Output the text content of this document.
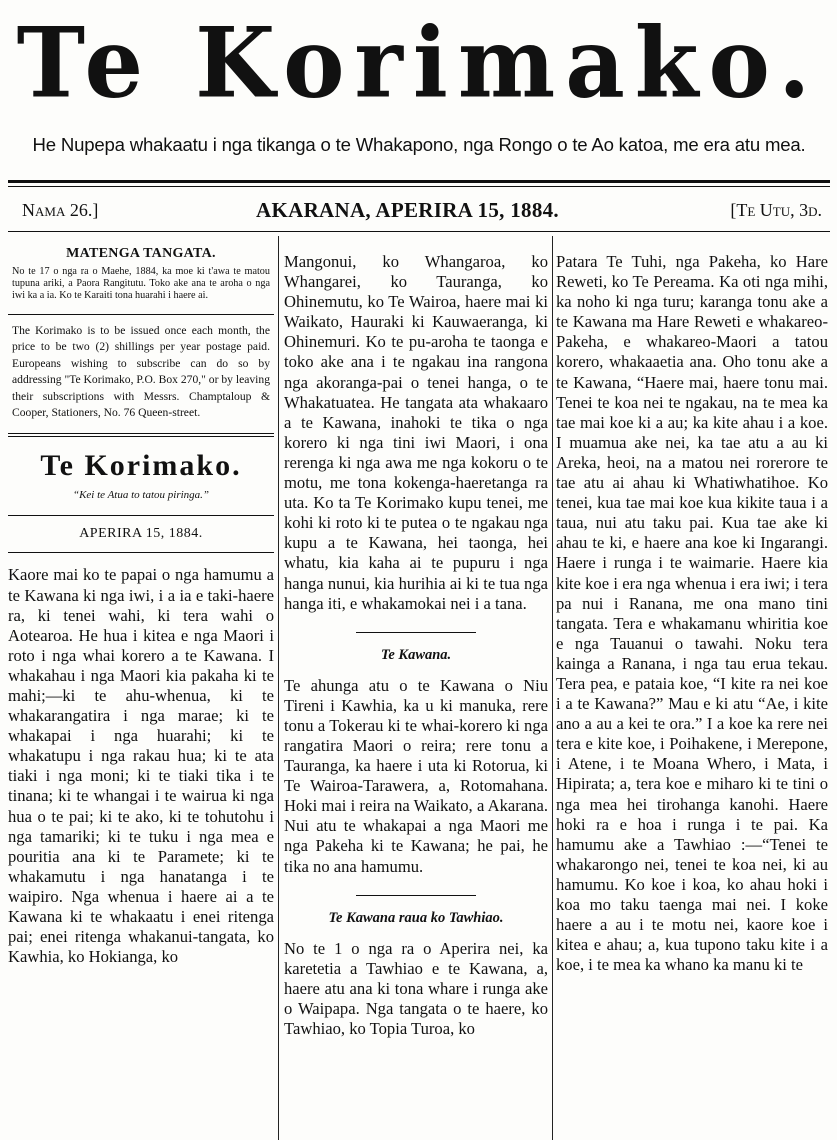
Te Korimako.
He Nupepa whakaatu i nga tikanga o te Whakapono, nga Rongo o te Ao katoa, me era atu mea.
Nama 26.]	AKARANA, APERIRA 15, 1884.	[Te Utu, 3d.
MATENGA TANGATA.

No te 17 o nga ra o Maehe, 1884, ka moe ki t'awa te matou tupuna ariki, a Paora Rangitutu. Toko ake ana te aroha o nga iwi ka a ia. Ko te Karaiti tona huarahi i haere ai.

The Korimako is to be issued once each month, the price to be two (2) shillings per year postage paid. Europeans wishing to subscribe can do so by addressing "Te Korimako, P.O. Box 270," or by leaving their subscriptions with Messrs. Champtaloup & Cooper, Stationers, No. 76 Queen-street.

Te Korimako.
“Kei te Atua to tatou piringa.”
APERIRA 15, 1884.

Kaore mai ko te papai o nga hamumu a te Kawana ki nga iwi, i a ia e taki-haere ra, ki tenei wahi, ki tera wahi o Aotearoa. He hua i kitea e nga Maori i roto i nga whai korero a te Kawana. I whakahau i nga Maori kia pakaha ki te mahi;—ki te ahu-whenua, ki te whakarangatira i nga marae; ki te whakapai i nga huarahi; ki te whakatupu i nga rakau hua; ki te ata tiaki i nga moni; ki te tiaki tika i te tinana; ki te whangai i te wairua ki nga hua o te pai; ki te ako, ki te tohutohu i nga tamariki; ki te tuku i nga mea e pouritia ana ki te Paramete; ki te whakamutu i nga hanatanga i te waipiro. Nga whenua i haere ai a te Kawana ki te whakaatu i enei ritenga pai; enei ritenga whakanui-tangata, ko Kawhia, ko Hokianga, ko

Mangonui, ko Whangaroa, ko Whangarei, ko Tauranga, ko Ohinemutu, ko Te Wairoa, haere mai ki Waikato, Hauraki ki Kauwaeranga, ki Ohinemuri. Ko te pu-aroha te taonga e toko ake ana i te ngakau ina rangona nga akoranga-pai o tenei hanga, o te Whakatuatea. He tangata ata whakaaro a te Kawana, inahoki te tika o nga korero ki nga tini iwi Maori, i ona rerenga ki nga awa me nga kokoru o te motu, me tona kokenga-haeretanga ra uta. Ko ta Te Korimako kupu tenei, me kohi ki roto ki te putea o te ngakau nga kupu a te Kawana, hei taonga, hei whatu, kia kaha ai te pupuru i nga hanga nunui, kia hurihia ai ki te tua nga hanga iti, e whakamokai nei i a tana.

Te Kawana.

Te ahunga atu o te Kawana o Niu Tireni i Kawhia, ka u ki manuka, rere tonu a Tokerau ki te whai-korero ki nga rangatira Maori o reira; rere tonu a Tauranga, ka haere i uta ki Rotorua, ki Te Wairoa-Tarawera, a, Rotomahana. Hoki mai i reira na Waikato, a Akarana. Nui atu te whakapai a nga Maori me nga Pakeha ki te Kawana; he pai, he tika no ana hamumu.

Te Kawana raua ko Tawhiao.

No te 1 o nga ra o Aperira nei, ka karetetia a Tawhiao e te Kawana, a, haere atu ana ki tona whare i runga ake o Waipapa. Nga tangata o te haere, ko Tawhiao, ko Topia Turoa, ko

Patara Te Tuhi, nga Pakeha, ko Hare Reweti, ko Te Pereama. Ka oti nga mihi, ka noho ki nga turu; karanga tonu ake a te Kawana ma Hare Reweti e whakareo-Pakeha, e whakareo-Maori a tatou korero, whakaaetia ana. Oho tonu ake a te Kawana, “Haere mai, haere tonu mai. Tenei te koa nei te ngakau, na te mea ka tae mai koe ki a au; ka kite ahau i a koe. I muamua ake nei, ka tae atu a au ki Areka, heoi, na a matou nei rorerore te tae atu ai ahau ki Whatiwhatihoe. Ko tenei, kua tae mai koe kua kikite taua i a taua, nui atu taku pai. Kua tae ake ki ahau te ki, e haere ana koe ki Ingarangi. Haere i runga i te waimarie. Haere kia kite koe i era nga whenua i era iwi; i tera pa nui i Ranana, me ona mano tini tangata. Tera e whakamanu whiritia koe e nga Tauanui o tawahi. Noku tera kainga a Ranana, i nga tau erua tekau. Tera pea, e pataia koe, “I kite ra nei koe i a te Kawana?” Mau e ki atu “Ae, i kite ano a au a kei te ora.” I a koe ka rere nei tera e kite koe, i Poihakene, i Merepone, i Atene, i te Moana Whero, i Mata, i Hipirata; a, tera koe e miharo ki te tini o nga mea hei tirohanga kanohi. Haere hoki ra e hoa i runga i te pai. Ka hamumu ake a Tawhiao :—“Tenei te whakarongo nei, tenei te koa nei, ki au hamumu. Ko koe i koa, ko ahau hoki i koa mo taku taenga mai nei. I koke haere a au i te motu nei, kaore koe i kitea e ahau; a, kua tupono taku kite i a koe, i te mea ka whano ka manu ki te
